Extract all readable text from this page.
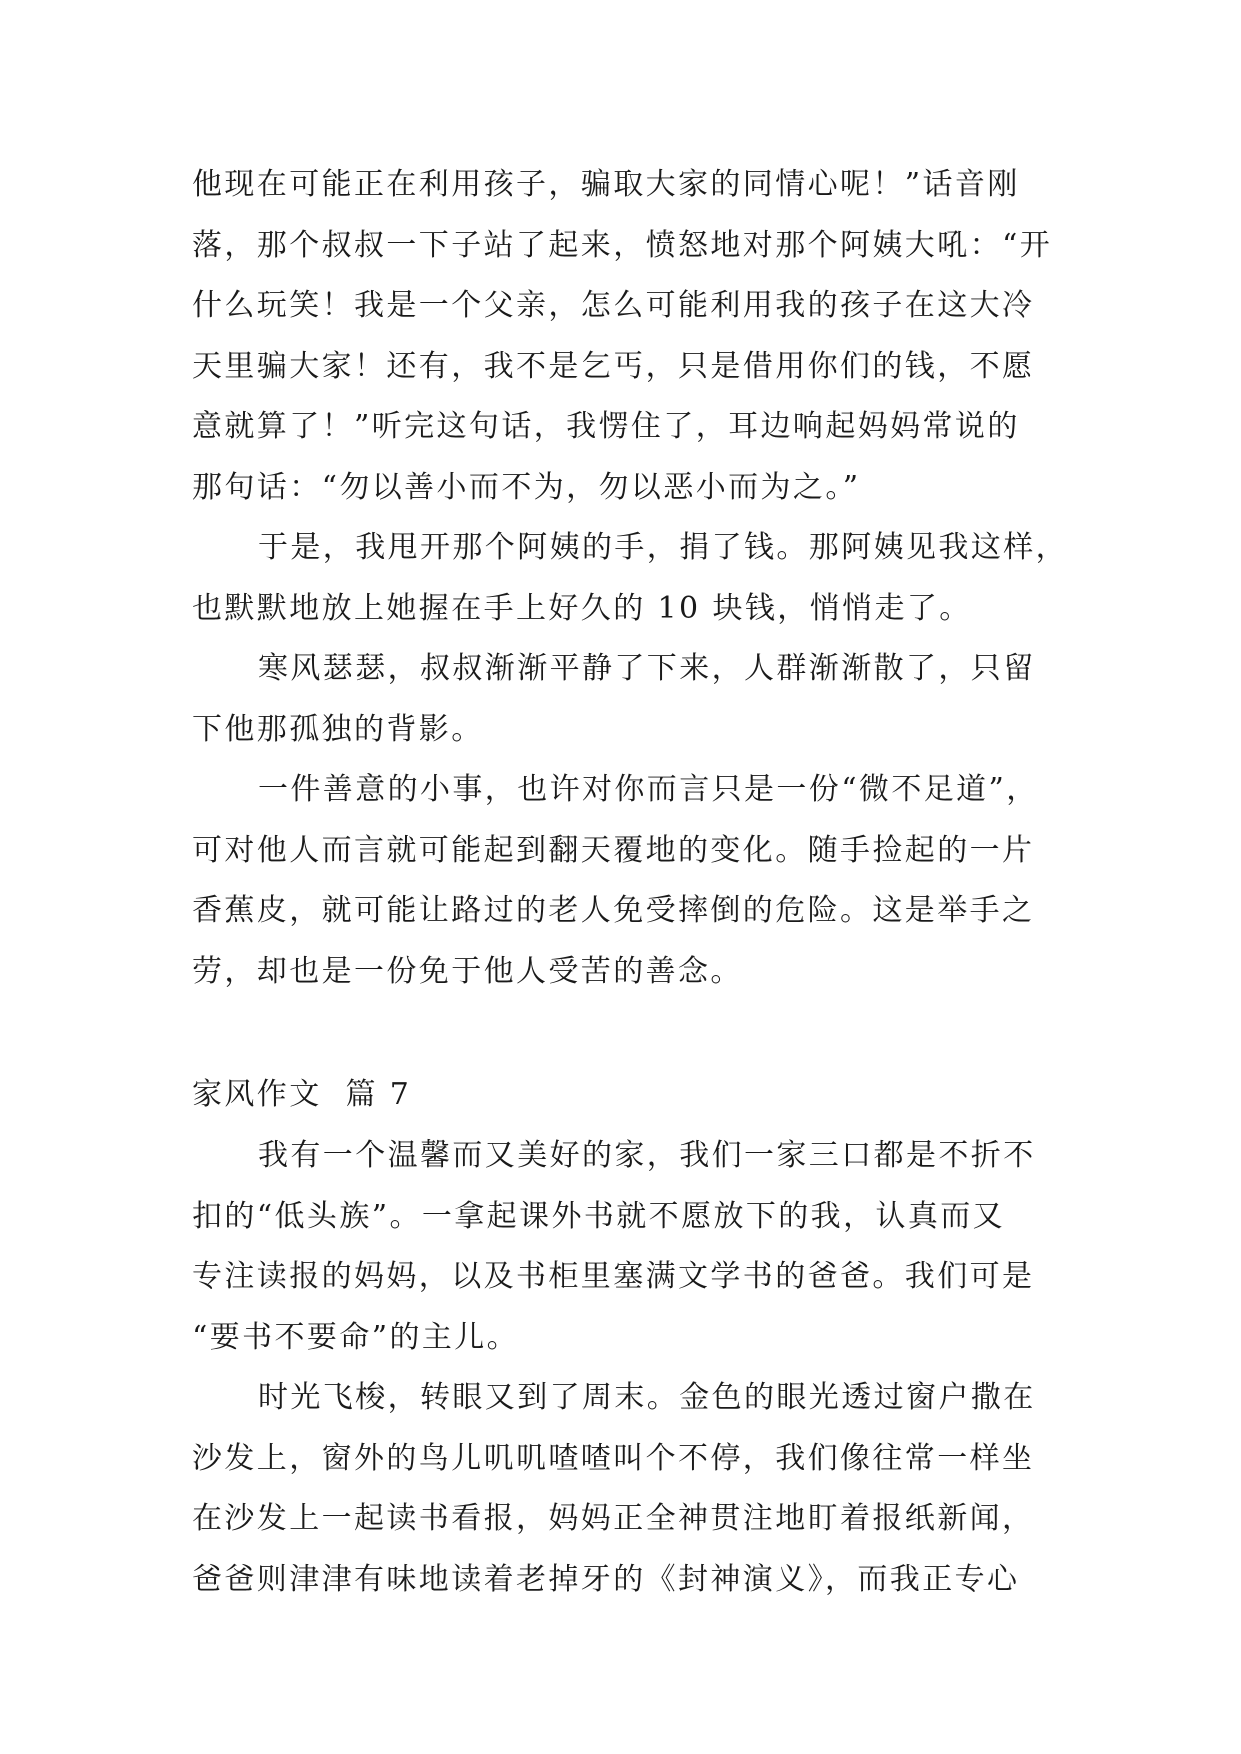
他现在可能正在利用孩子，骗取大家的同情心呢！”话音刚
落，那个叔叔一下子站了起来，愤怒地对那个阿姨大吼：“开
什么玩笑！我是一个父亲，怎么可能利用我的孩子在这大冷
天里骗大家！还有，我不是乞丐，只是借用你们的钱，不愿
意就算了！”听完这句话，我愣住了，耳边响起妈妈常说的
那句话：“勿以善小而不为，勿以恶小而为之。”
于是，我甩开那个阿姨的手，捐了钱。那阿姨见我这样，
也默默地放上她握在手上好久的 10 块钱，悄悄走了。
寒风瑟瑟，叔叔渐渐平静了下来，人群渐渐散了，只留
下他那孤独的背影。
一件善意的小事，也许对你而言只是一份“微不足道”，
可对他人而言就可能起到翻天覆地的变化。随手捡起的一片
香蕉皮，就可能让路过的老人免受摔倒的危险。这是举手之
劳，却也是一份免于他人受苦的善念。
家风作文  篇 7
我有一个温馨而又美好的家，我们一家三口都是不折不
扣的“低头族”。一拿起课外书就不愿放下的我，认真而又
专注读报的妈妈，以及书柜里塞满文学书的爸爸。我们可是
“要书不要命”的主儿。
时光飞梭，转眼又到了周末。金色的眼光透过窗户撒在
沙发上，窗外的鸟儿叽叽喳喳叫个不停，我们像往常一样坐
在沙发上一起读书看报，妈妈正全神贯注地盯着报纸新闻，
爸爸则津津有味地读着老掉牙的《封神演义》，而我正专心
